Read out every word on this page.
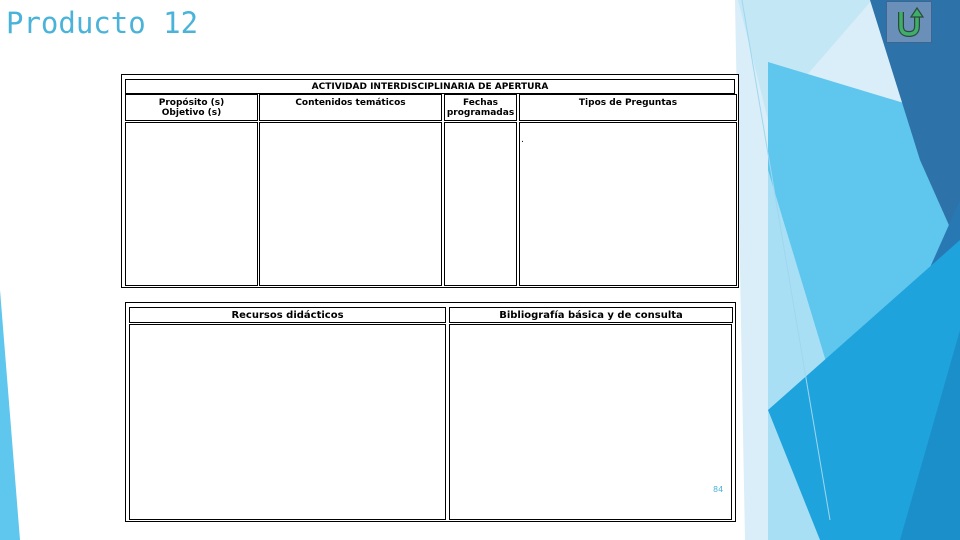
Producto 12
ACTIVIDAD INTERDISCIPLINARIA DE APERTURA
Propósito (s)
Objetivo (s)
Contenidos temáticos	Fechas
programadas
Tipos de Preguntas
.
Recursos didácticos	Bibliografía básica y de consulta
84
